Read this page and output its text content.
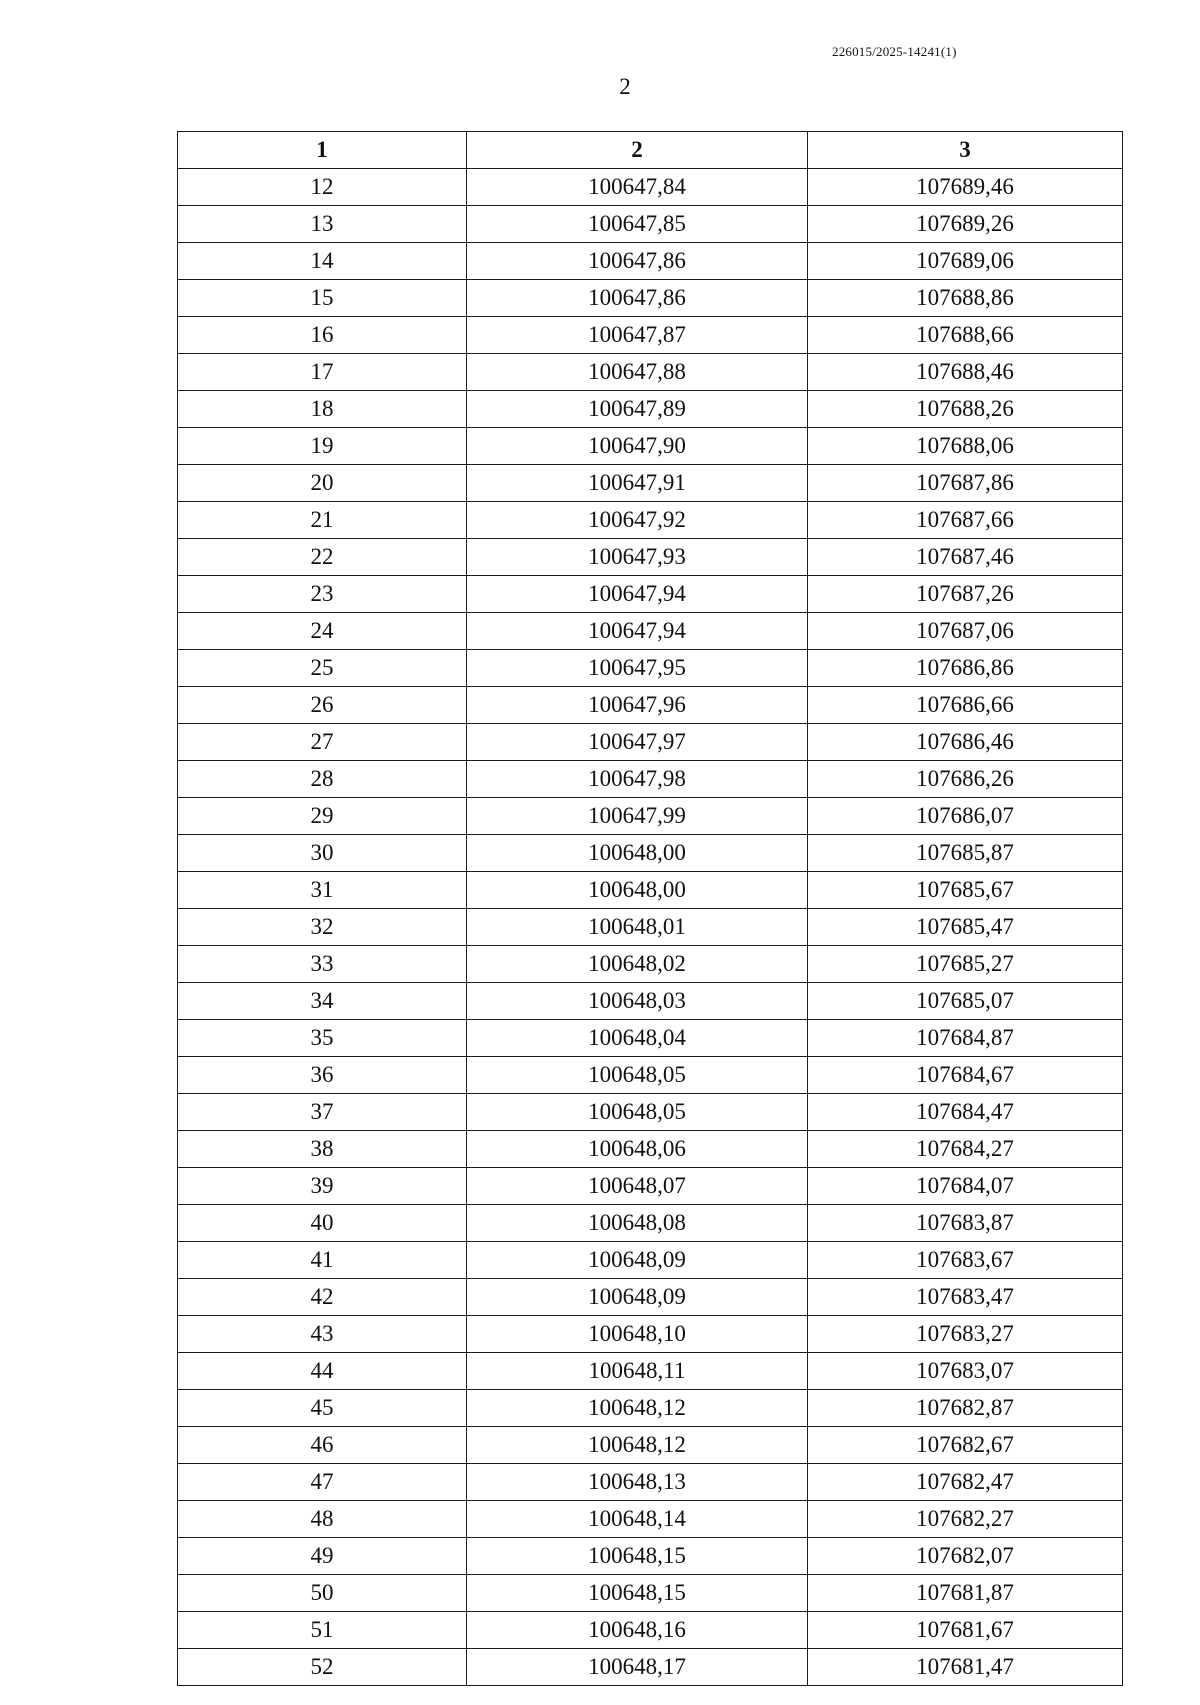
226015/2025-14241(1)
2
1	2	3
12	100647,84	107689,46
13	100647,85	107689,26
14	100647,86	107689,06
15	100647,86	107688,86
16	100647,87	107688,66
17	100647,88	107688,46
18	100647,89	107688,26
19	100647,90	107688,06
20	100647,91	107687,86
21	100647,92	107687,66
22	100647,93	107687,46
23	100647,94	107687,26
24	100647,94	107687,06
25	100647,95	107686,86
26	100647,96	107686,66
27	100647,97	107686,46
28	100647,98	107686,26
29	100647,99	107686,07
30	100648,00	107685,87
31	100648,00	107685,67
32	100648,01	107685,47
33	100648,02	107685,27
34	100648,03	107685,07
35	100648,04	107684,87
36	100648,05	107684,67
37	100648,05	107684,47
38	100648,06	107684,27
39	100648,07	107684,07
40	100648,08	107683,87
41	100648,09	107683,67
42	100648,09	107683,47
43	100648,10	107683,27
44	100648,11	107683,07
45	100648,12	107682,87
46	100648,12	107682,67
47	100648,13	107682,47
48	100648,14	107682,27
49	100648,15	107682,07
50	100648,15	107681,87
51	100648,16	107681,67
52	100648,17	107681,47
